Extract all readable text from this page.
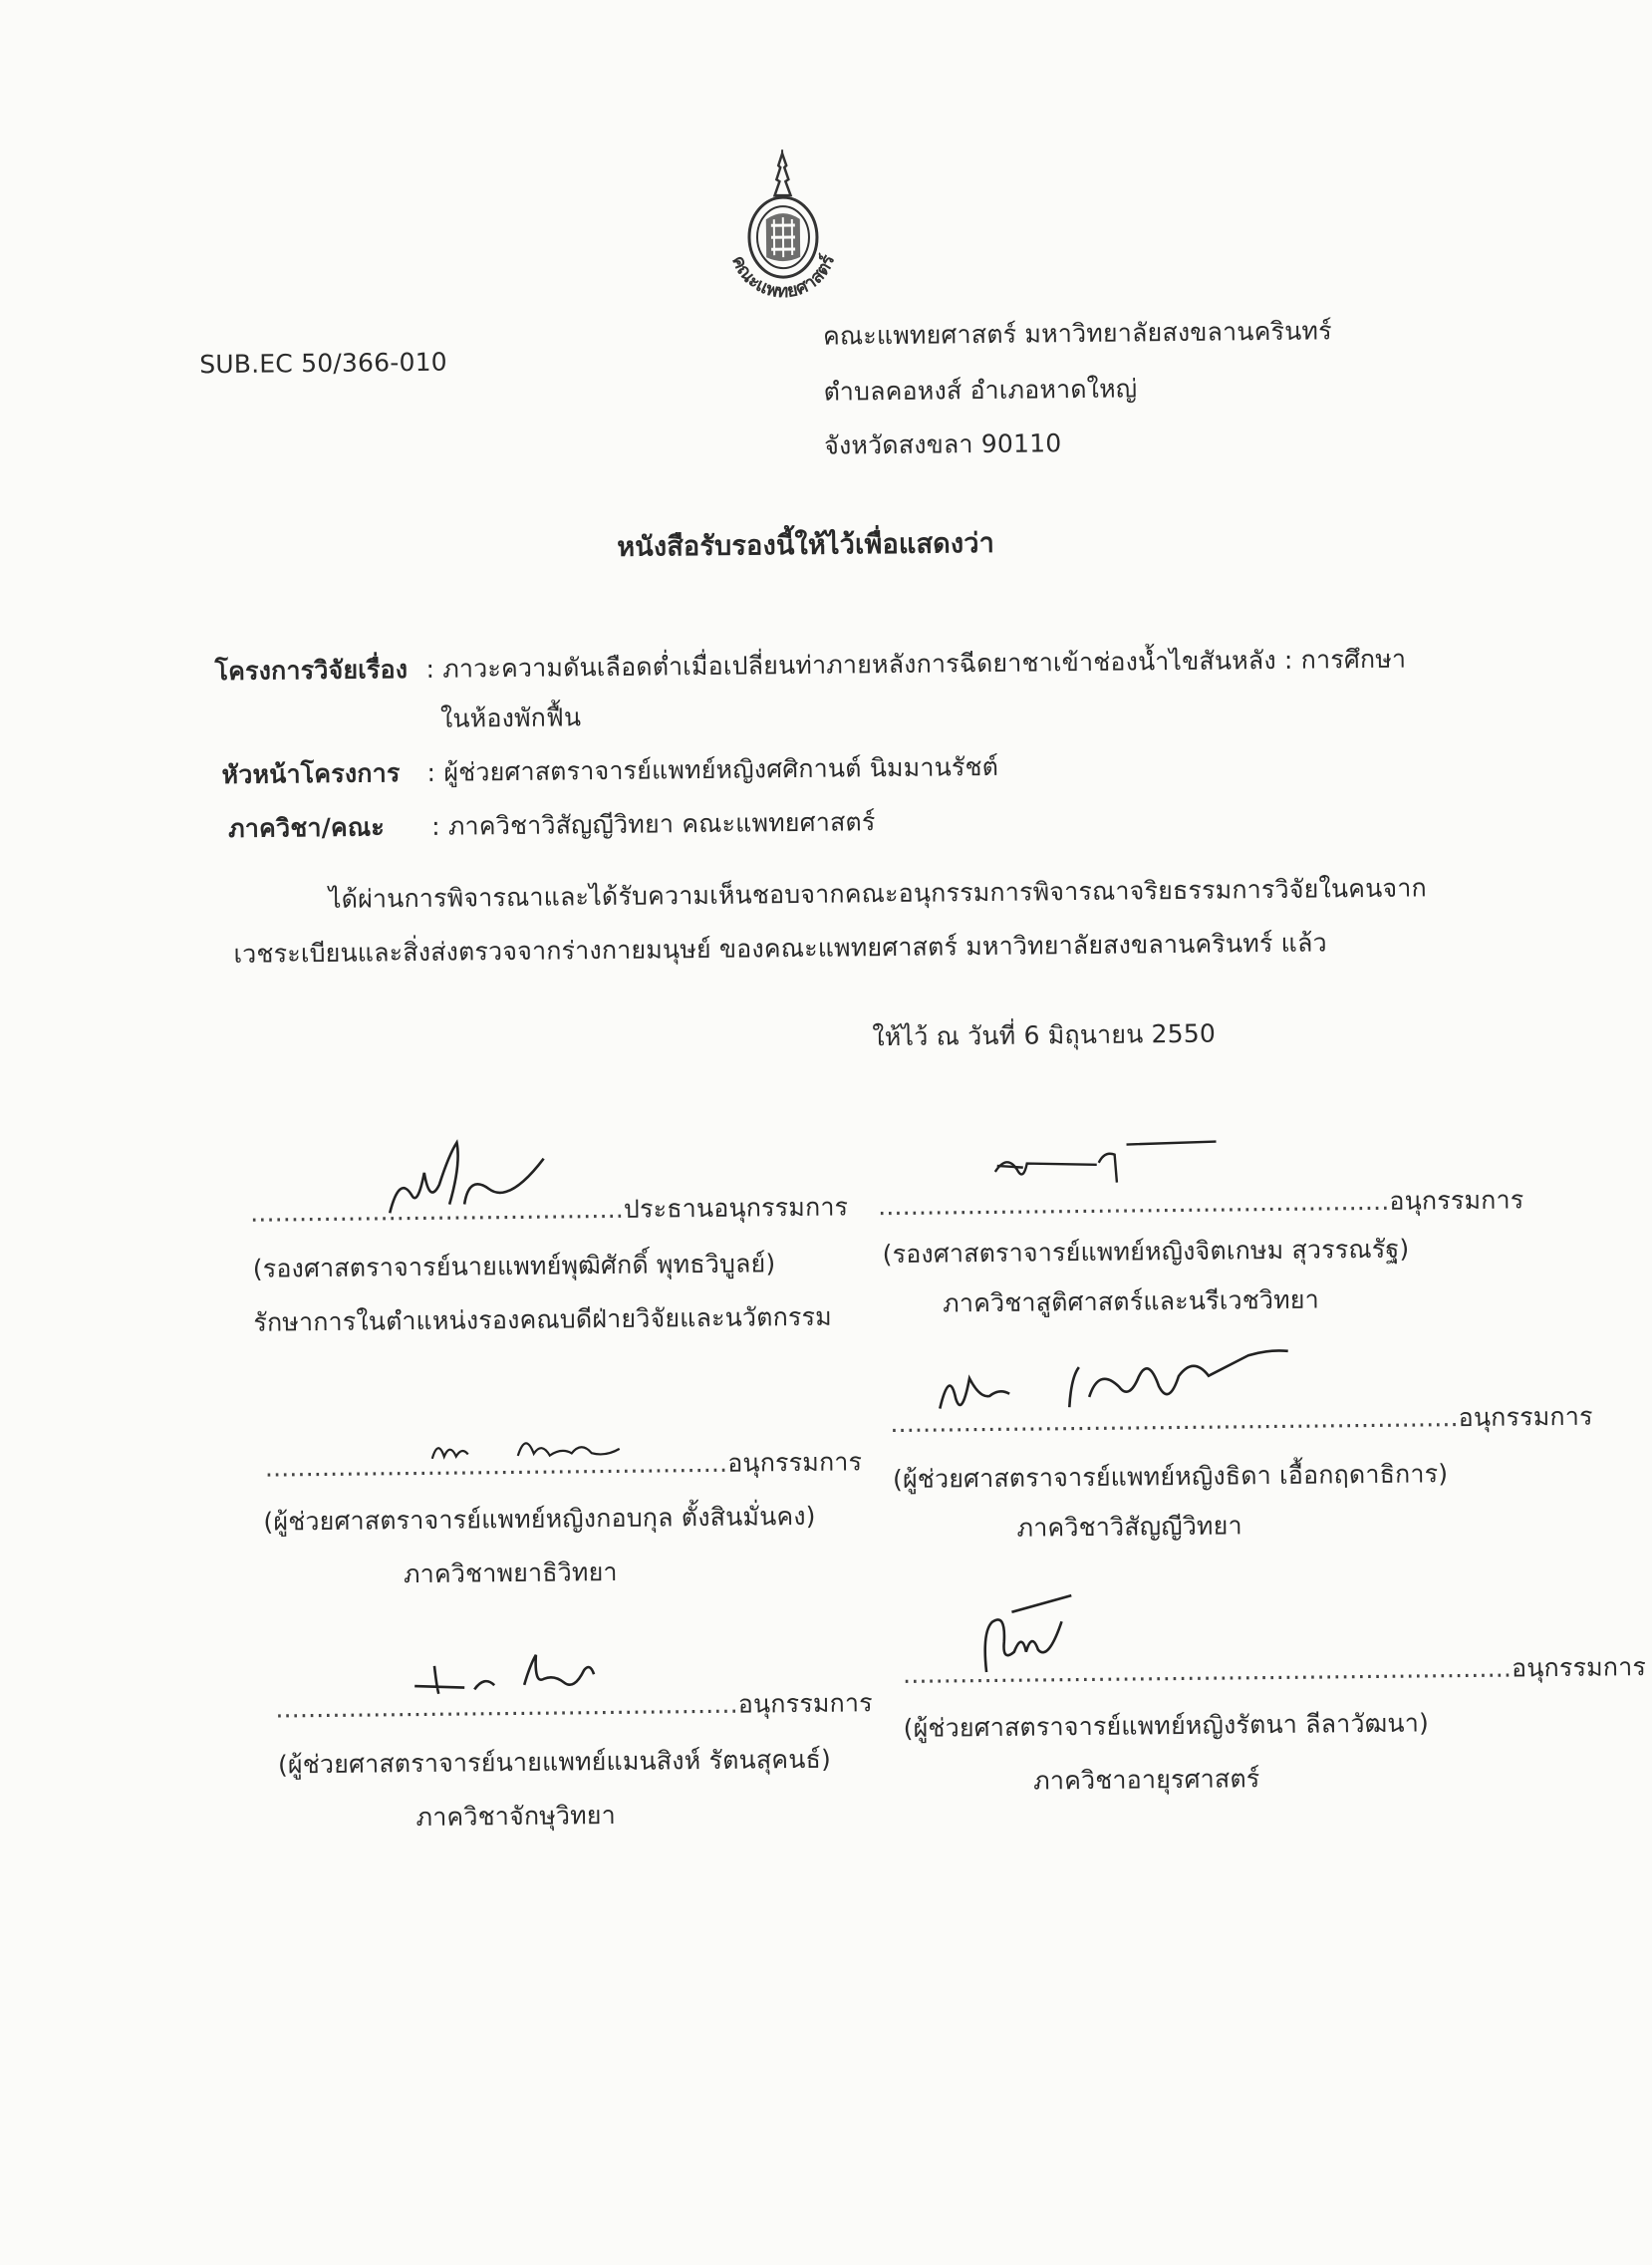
คณะแพทยศาสตร์
SUB.EC 50/366-010
คณะแพทยศาสตร์ มหาวิทยาลัยสงขลานครินทร์
ตำบลคอหงส์ อำเภอหาดใหญ่
จังหวัดสงขลา 90110
หนังสือรับรองนี้ให้ไว้เพื่อแสดงว่า
โครงการวิจัยเรื่อง : ภาวะความดันเลือดต่ำเมื่อเปลี่ยนท่าภายหลังการฉีดยาชาเข้าช่องน้ำไขสันหลัง : การศึกษา
ในห้องพักฟื้น
หัวหน้าโครงการ : ผู้ช่วยศาสตราจารย์แพทย์หญิงศศิกานต์ นิมมานรัชต์
ภาควิชา/คณะ : ภาควิชาวิสัญญีวิทยา คณะแพทยศาสตร์
ได้ผ่านการพิจารณาและได้รับความเห็นชอบจากคณะอนุกรรมการพิจารณาจริยธรรมการวิจัยในคนจาก
เวชระเบียนและสิ่งส่งตรวจจากร่างกายมนุษย์ ของคณะแพทยศาสตร์ มหาวิทยาลัยสงขลานครินทร์ แล้ว
ให้ไว้ ณ วันที่ 6 มิถุนายน 2550
..............................................ประธานอนุกรรมการ
(รองศาสตราจารย์นายแพทย์พุฒิศักดิ์ พุทธวิบูลย์)
รักษาการในตำแหน่งรองคณบดีฝ่ายวิจัยและนวัตกรรม
...............................................................อนุกรรมการ
(รองศาสตราจารย์แพทย์หญิงจิตเกษม สุวรรณรัฐ)
ภาควิชาสูติศาสตร์และนรีเวชวิทยา
.........................................................อนุกรรมการ
(ผู้ช่วยศาสตราจารย์แพทย์หญิงกอบกุล ตั้งสินมั่นคง)
ภาควิชาพยาธิวิทยา
......................................................................อนุกรรมการ
(ผู้ช่วยศาสตราจารย์แพทย์หญิงธิดา เอื้อกฤดาธิการ)
ภาควิชาวิสัญญีวิทยา
.........................................................อนุกรรมการ
(ผู้ช่วยศาสตราจารย์นายแพทย์แมนสิงห์ รัตนสุคนธ์)
ภาควิชาจักษุวิทยา
...........................................................................อนุกรรมการ
(ผู้ช่วยศาสตราจารย์แพทย์หญิงรัตนา ลีลาวัฒนา)
ภาควิชาอายุรศาสตร์
